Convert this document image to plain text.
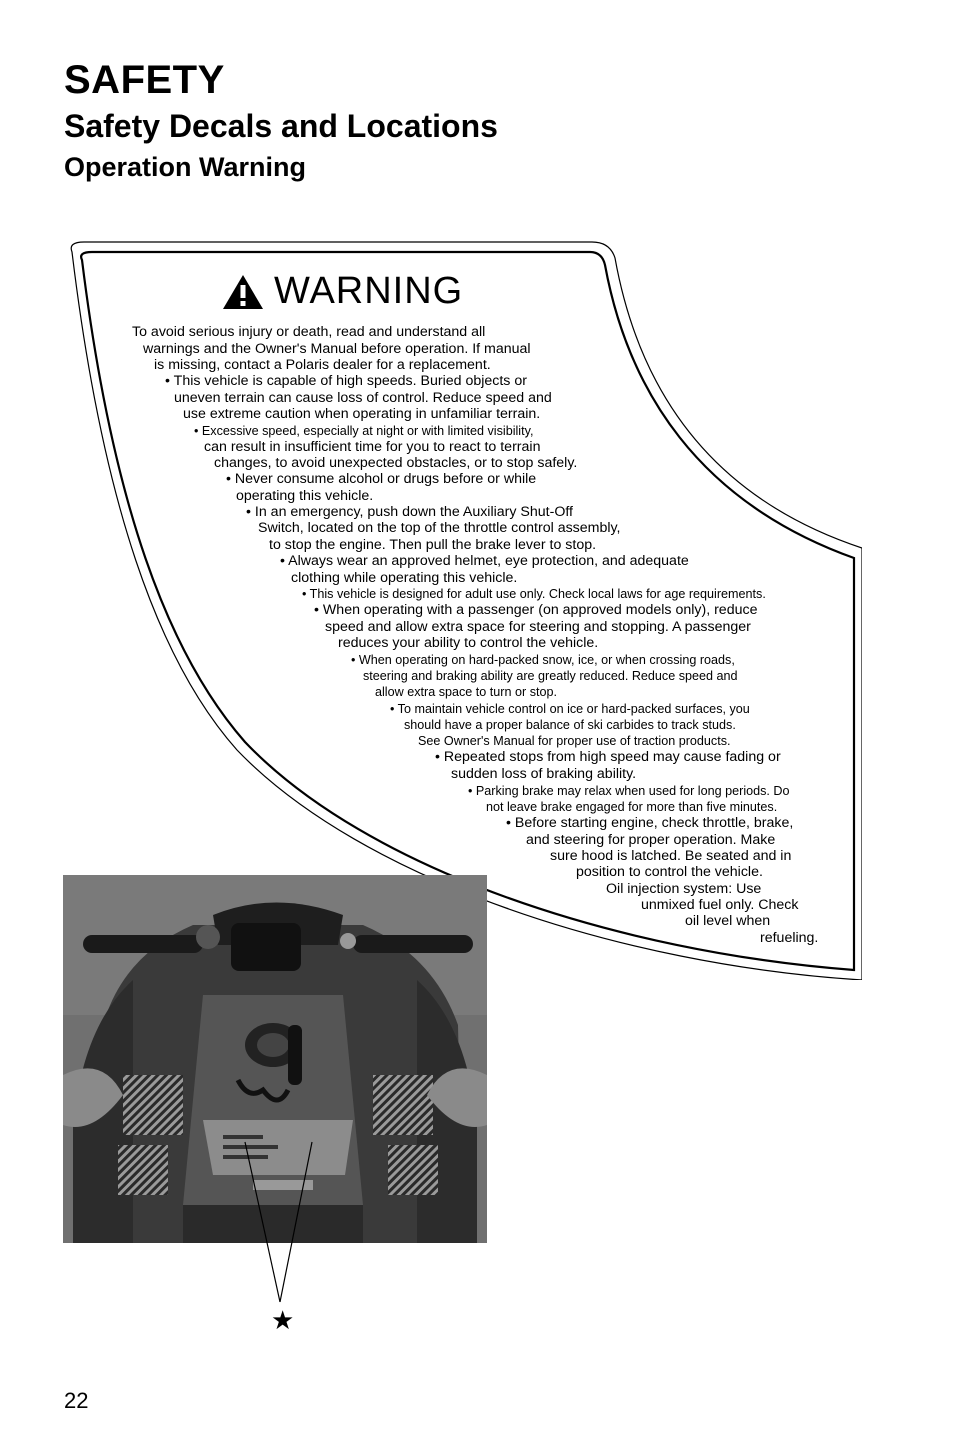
SAFETY
Safety Decals and Locations
Operation Warning
WARNING
To avoid serious injury or death, read and understand all
warnings and the Owner's Manual before operation. If manual
is missing, contact a Polaris dealer for a replacement.
• This vehicle is capable of high speeds. Buried objects or
uneven terrain can cause loss of control. Reduce speed and
use extreme caution when operating in unfamiliar terrain.
• Excessive speed, especially at night or with limited visibility,
can result in insufficient time for you to react to terrain
changes, to avoid unexpected obstacles, or to stop safely.
• Never consume alcohol or drugs before or while
operating this vehicle.
• In an emergency, push down the Auxiliary Shut-Off
Switch, located on the top of the throttle control assembly,
to stop the engine. Then pull the brake lever to stop.
• Always wear an approved helmet, eye protection, and adequate
clothing while operating this vehicle.
• This vehicle is designed for adult use only. Check local laws for age requirements.
• When operating with a passenger (on approved models only), reduce
speed and allow extra space for steering and stopping. A passenger
reduces your ability to control the vehicle.
• When operating on hard-packed snow, ice, or when crossing roads,
steering and braking ability are greatly reduced. Reduce speed and
allow extra space to turn or stop.
• To maintain vehicle control on ice or hard-packed surfaces, you
should have a proper balance of ski carbides to track studs.
See Owner's Manual for proper use of traction products.
• Repeated stops from high speed may cause fading or
sudden loss of braking ability.
• Parking brake may relax when used for long periods. Do
not leave brake engaged for more than five minutes.
• Before starting engine, check throttle, brake,
and steering for proper operation. Make
sure hood is latched. Be seated and in
position to control the vehicle.
Oil injection system: Use
unmixed fuel only. Check
oil level when
refueling.
★
22
